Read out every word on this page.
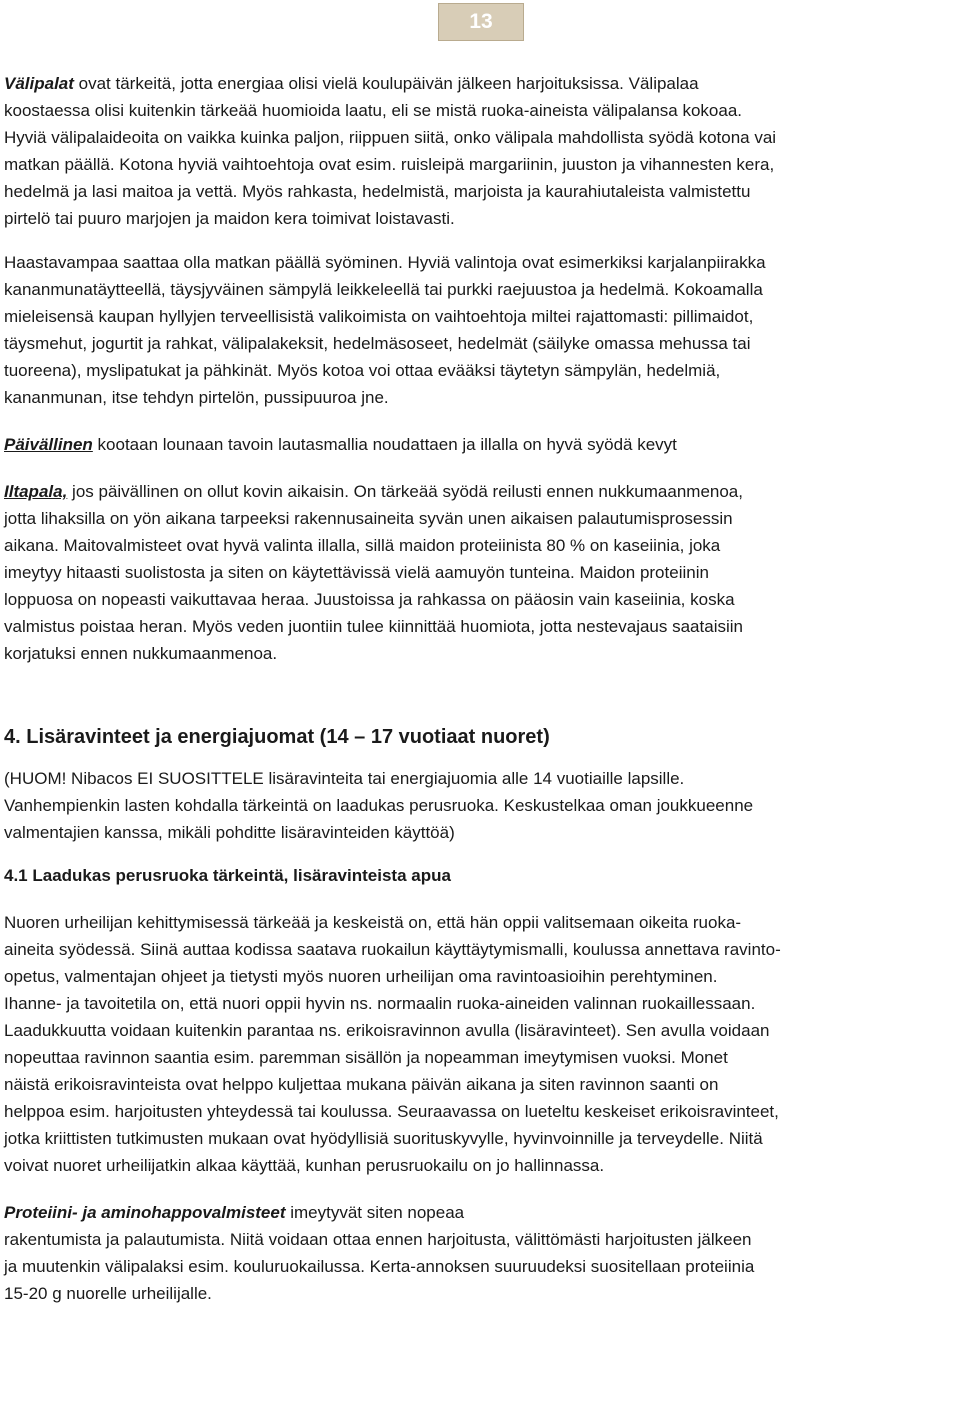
13

Välipalat ovat tärkeitä, jotta energiaa olisi vielä koulupäivän jälkeen harjoituksissa. Välipalaa
koostaessa olisi kuitenkin tärkeää huomioida laatu, eli se mistä ruoka-aineista välipalansa kokoaa.
Hyviä välipalaideoita on vaikka kuinka paljon, riippuen siitä, onko välipala mahdollista syödä kotona vai
matkan päällä. Kotona hyviä vaihtoehtoja ovat esim. ruisleipä margariinin, juuston ja vihannesten kera,
hedelmä ja lasi maitoa ja vettä. Myös rahkasta, hedelmistä, marjoista ja kaurahiutaleista valmistettu
pirtelö tai puuro marjojen ja maidon kera toimivat loistavasti.

Haastavampaa saattaa olla matkan päällä syöminen. Hyviä valintoja ovat esimerkiksi karjalanpiirakka
kananmunatäytteellä, täysjyväinen sämpylä leikkeleellä tai purkki raejuustoa ja hedelmä. Kokoamalla
mieleisensä kaupan hyllyjen terveellisistä valikoimista on vaihtoehtoja miltei rajattomasti: pillimaidot,
täysmehut, jogurtit ja rahkat, välipalakeksit, hedelmäsoseet, hedelmät (säilyke omassa mehussa tai
tuoreena), myslipatukat ja pähkinät. Myös kotoa voi ottaa evääksi täytetyn sämpylän, hedelmiä,
kananmunan, itse tehdyn pirtelön, pussipuuroa jne.

Päivällinen kootaan lounaan tavoin lautasmallia noudattaen ja illalla on hyvä syödä kevyt

Iltapala, jos päivällinen on ollut kovin aikaisin. On tärkeää syödä reilusti ennen nukkumaanmenoa,
jotta lihaksilla on yön aikana tarpeeksi rakennusaineita syvän unen aikaisen palautumisprosessin
aikana. Maitovalmisteet ovat hyvä valinta illalla, sillä maidon proteiinista 80 % on kaseiinia, joka
imeytyy hitaasti suolistosta ja siten on käytettävissä vielä aamuyön tunteina. Maidon proteiinin
loppuosa on nopeasti vaikuttavaa heraa. Juustoissa ja rahkassa on pääosin vain kaseiinia, koska
valmistus poistaa heran. Myös veden juontiin tulee kiinnittää huomiota, jotta nestevajaus saataisiin
korjatuksi ennen nukkumaanmenoa.

4. Lisäravinteet ja energiajuomat (14 – 17 vuotiaat nuoret)

(HUOM! Nibacos EI SUOSITTELE lisäravinteita tai energiajuomia alle 14 vuotiaille lapsille.
Vanhempienkin lasten kohdalla tärkeintä on laadukas perusruoka. Keskustelkaa oman joukkueenne
valmentajien kanssa, mikäli pohditte lisäravinteiden käyttöä)

4.1 Laadukas perusruoka tärkeintä, lisäravinteista apua

Nuoren urheilijan kehittymisessä tärkeää ja keskeistä on, että hän oppii valitsemaan oikeita ruoka-
aineita syödessä. Siinä auttaa kodissa saatava ruokailun käyttäytymismalli, koulussa annettava ravinto-
opetus, valmentajan ohjeet ja tietysti myös nuoren urheilijan oma ravintoasioihin perehtyminen.
Ihanne- ja tavoitetila on, että nuori oppii hyvin ns. normaalin ruoka-aineiden valinnan ruokaillessaan.
Laadukkuutta voidaan kuitenkin parantaa ns. erikoisravinnon avulla (lisäravinteet). Sen avulla voidaan
nopeuttaa ravinnon saantia esim. paremman sisällön ja nopeamman imeytymisen vuoksi. Monet
näistä erikoisravinteista ovat helppo kuljettaa mukana päivän aikana ja siten ravinnon saanti on
helppoa esim. harjoitusten yhteydessä tai koulussa. Seuraavassa on lueteltu keskeiset erikoisravinteet,
jotka kriittisten tutkimusten mukaan ovat hyödyllisiä suorituskyvylle, hyvinvoinnille ja terveydelle. Niitä
voivat nuoret urheilijatkin alkaa käyttää, kunhan perusruokailu on jo hallinnassa.

Proteiini- ja aminohappovalmisteet imeytyvät siten nopeaa
rakentumista ja palautumista. Niitä voidaan ottaa ennen harjoitusta, välittömästi harjoitusten jälkeen
ja muutenkin välipalaksi esim. kouluruokailussa. Kerta-annoksen suuruudeksi suositellaan proteiinia
15-20 g nuorelle urheilijalle.
